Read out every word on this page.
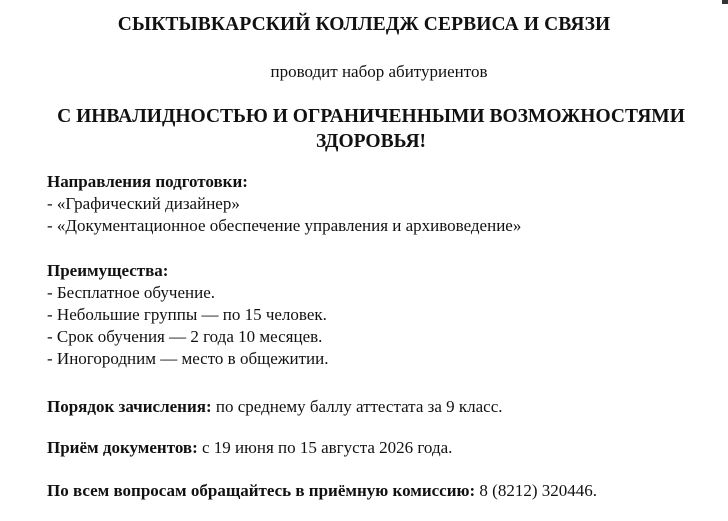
СЫКТЫВКАРСКИЙ КОЛЛЕДЖ СЕРВИСА И СВЯЗИ
проводит набор абитуриентов
С ИНВАЛИДНОСТЬЮ И ОГРАНИЧЕННЫМИ ВОЗМОЖНОСТЯМИ
ЗДОРОВЬЯ!
Направления подготовки:
- «Графический дизайнер»
- «Документационное обеспечение управления и архивоведение»
Преимущества:
- Бесплатное обучение.
- Небольшие группы — по 15 человек.
- Срок обучения — 2 года 10 месяцев.
- Иногородним — место в общежитии.
Порядок зачисления: по среднему баллу аттестата за 9 класс.
Приём документов: с 19 июня по 15 августа 2026 года.
По всем вопросам обращайтесь в приёмную комиссию: 8 (8212) 320446.
